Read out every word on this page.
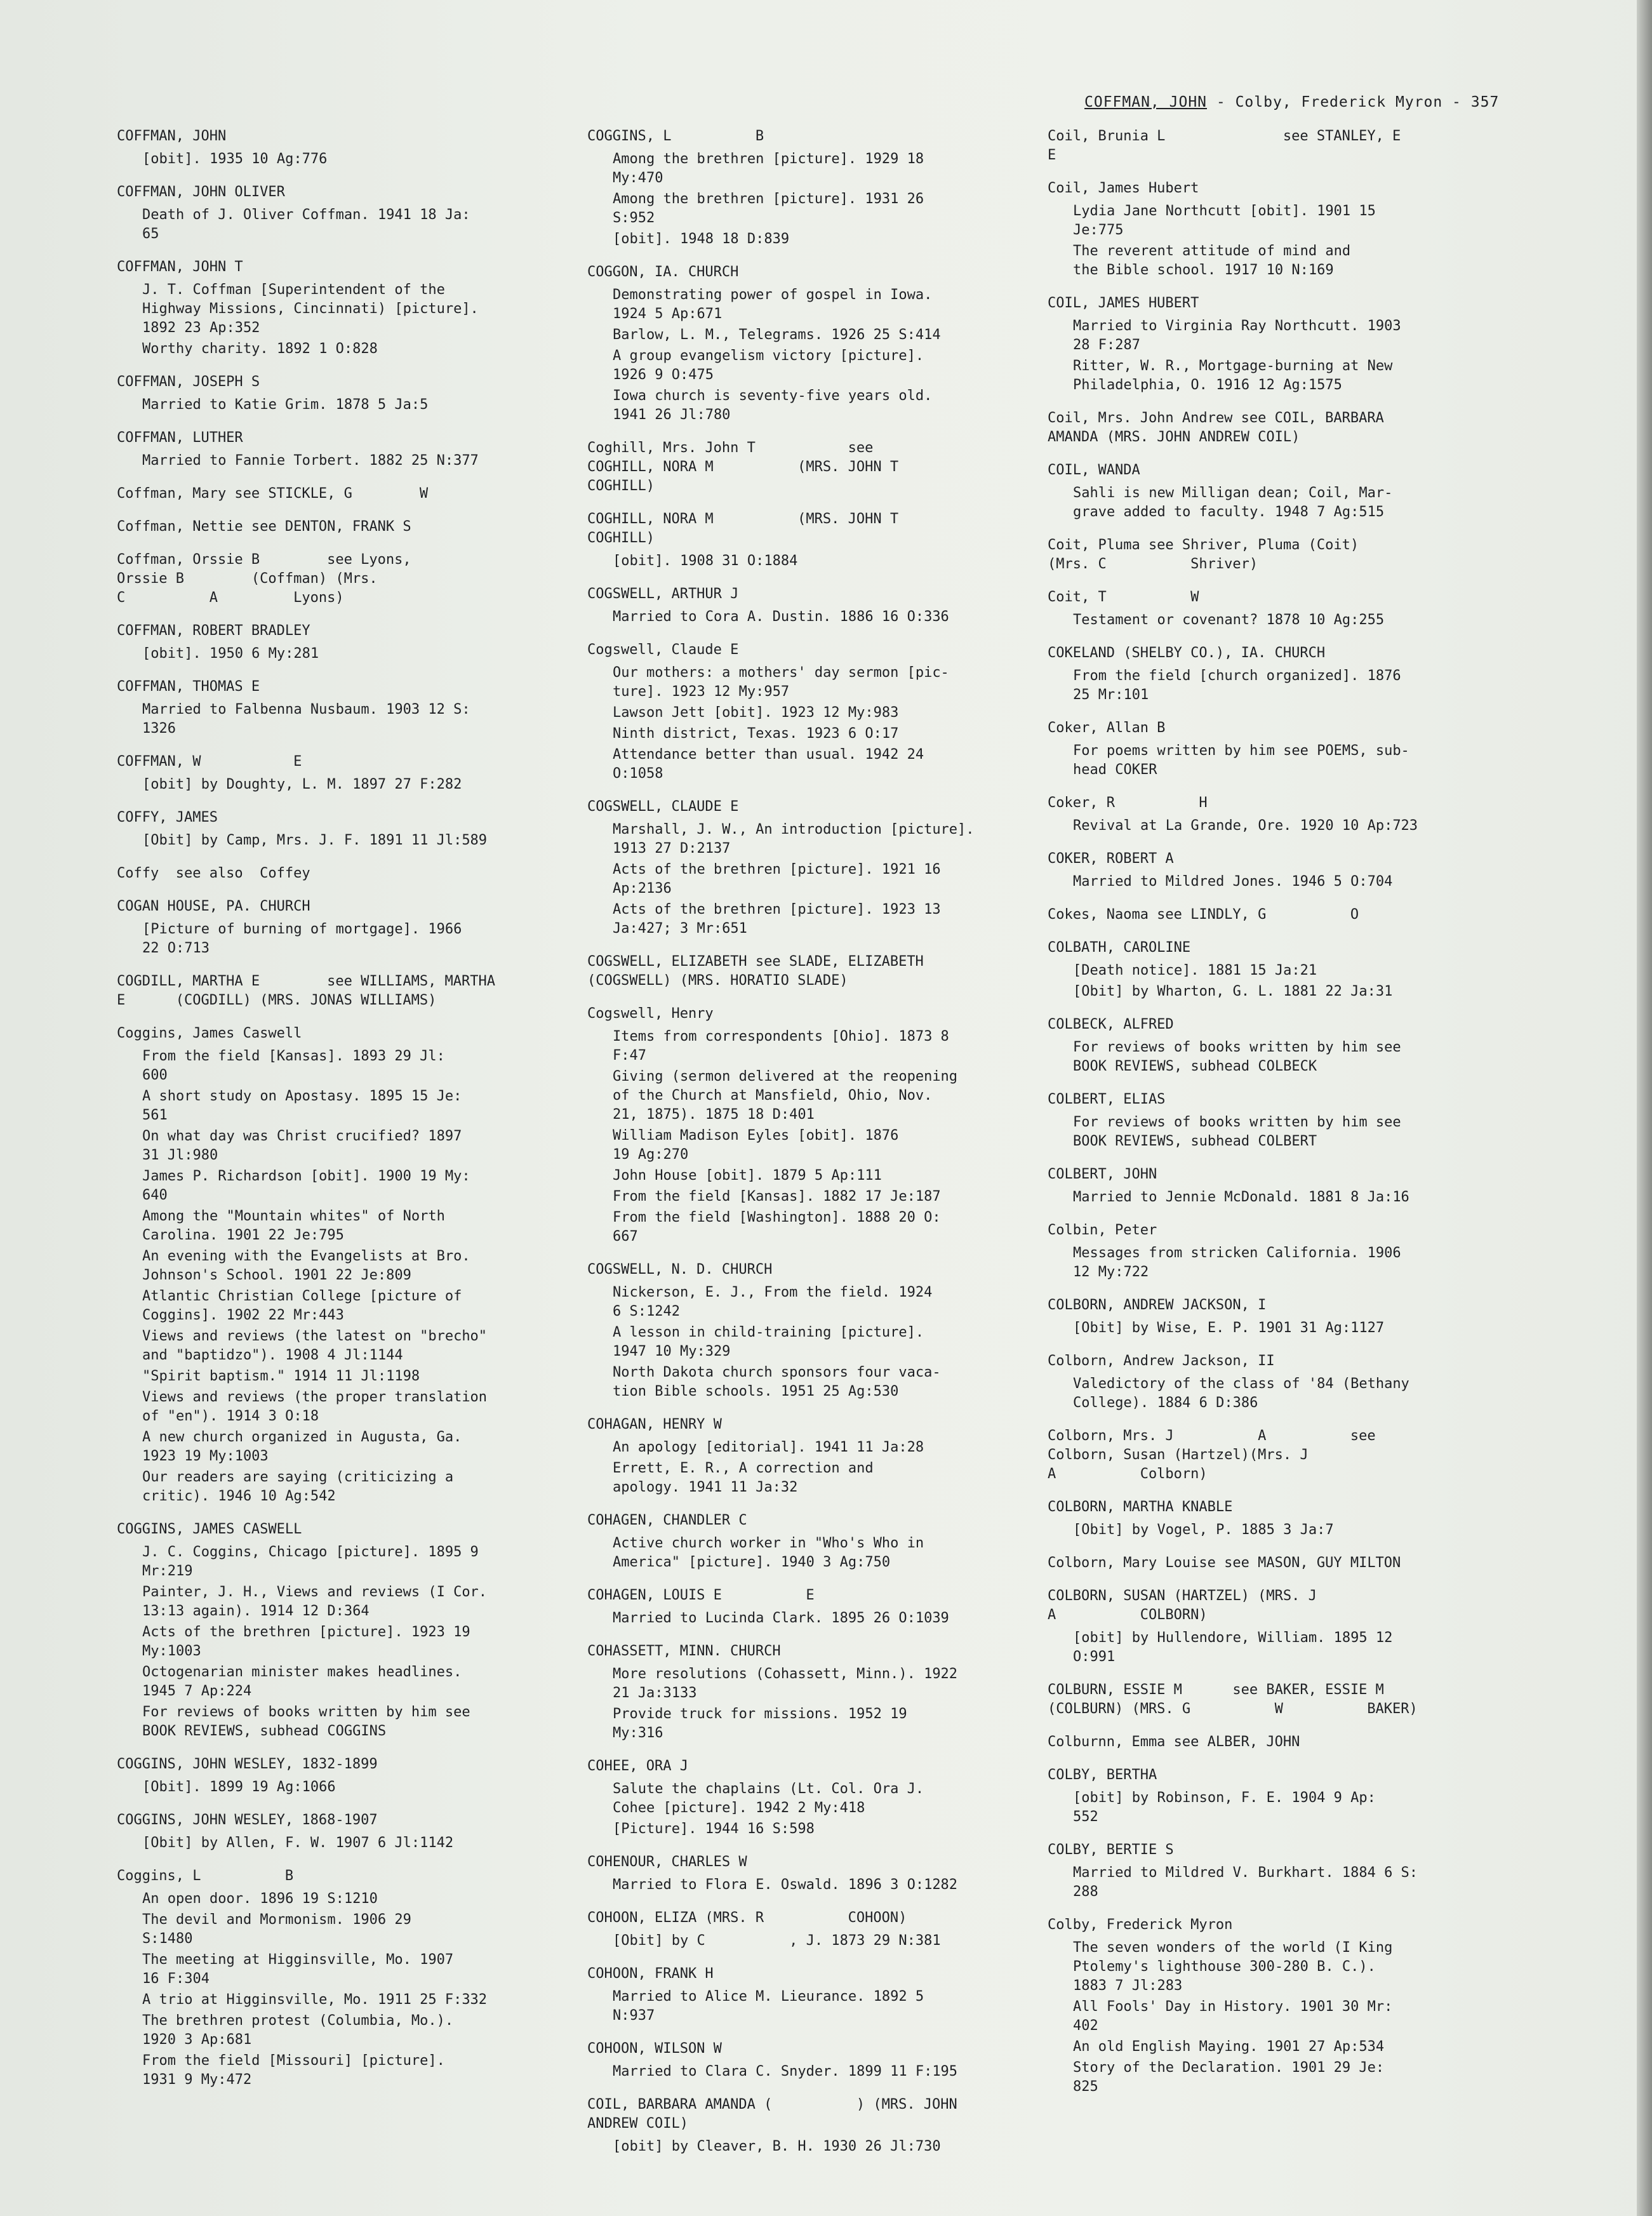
COFFMAN, JOHN - Colby, Frederick Myron - 357
COFFMAN, JOHN
[obit]. 1935 10 Ag:776
COFFMAN, JOHN OLIVER
Death of J. Oliver Coffman. 1941 18 Ja:
65
COFFMAN, JOHN T
J. T. Coffman [Superintendent of the
Highway Missions, Cincinnati) [picture].
1892 23 Ap:352
Worthy charity. 1892 1 O:828
COFFMAN, JOSEPH S
Married to Katie Grim. 1878 5 Ja:5
COFFMAN, LUTHER
Married to Fannie Torbert. 1882 25 N:377
Coffman, Mary see STICKLE, G        W
Coffman, Nettie see DENTON, FRANK S
Coffman, Orssie B        see Lyons,
Orssie B        (Coffman) (Mrs.
C          A         Lyons)
COFFMAN, ROBERT BRADLEY
[obit]. 1950 6 My:281
COFFMAN, THOMAS E
Married to Falbenna Nusbaum. 1903 12 S:
1326
COFFMAN, W           E
[obit] by Doughty, L. M. 1897 27 F:282
COFFY, JAMES
[Obit] by Camp, Mrs. J. F. 1891 11 Jl:589
Coffy  see also  Coffey
COGAN HOUSE, PA. CHURCH
[Picture of burning of mortgage]. 1966
22 O:713
COGDILL, MARTHA E        see WILLIAMS, MARTHA
E      (COGDILL) (MRS. JONAS WILLIAMS)
Coggins, James Caswell
From the field [Kansas]. 1893 29 Jl:
600
A short study on Apostasy. 1895 15 Je:
561
On what day was Christ crucified? 1897
31 Jl:980
James P. Richardson [obit]. 1900 19 My:
640
Among the "Mountain whites" of North
Carolina. 1901 22 Je:795
An evening with the Evangelists at Bro.
Johnson's School. 1901 22 Je:809
Atlantic Christian College [picture of
Coggins]. 1902 22 Mr:443
Views and reviews (the latest on "brecho"
and "baptidzo"). 1908 4 Jl:1144
"Spirit baptism." 1914 11 Jl:1198
Views and reviews (the proper translation
of "en"). 1914 3 O:18
A new church organized in Augusta, Ga.
1923 19 My:1003
Our readers are saying (criticizing a
critic). 1946 10 Ag:542
COGGINS, JAMES CASWELL
J. C. Coggins, Chicago [picture]. 1895 9
Mr:219
Painter, J. H., Views and reviews (I Cor.
13:13 again). 1914 12 D:364
Acts of the brethren [picture]. 1923 19
My:1003
Octogenarian minister makes headlines.
1945 7 Ap:224
For reviews of books written by him see
BOOK REVIEWS, subhead COGGINS
COGGINS, JOHN WESLEY, 1832-1899
[Obit]. 1899 19 Ag:1066
COGGINS, JOHN WESLEY, 1868-1907
[Obit] by Allen, F. W. 1907 6 Jl:1142
Coggins, L          B
An open door. 1896 19 S:1210
The devil and Mormonism. 1906 29
S:1480
The meeting at Higginsville, Mo. 1907
16 F:304
A trio at Higginsville, Mo. 1911 25 F:332
The brethren protest (Columbia, Mo.).
1920 3 Ap:681
From the field [Missouri] [picture].
1931 9 My:472
COGGINS, L          B
Among the brethren [picture]. 1929 18
My:470
Among the brethren [picture]. 1931 26
S:952
[obit]. 1948 18 D:839
COGGON, IA. CHURCH
Demonstrating power of gospel in Iowa.
1924 5 Ap:671
Barlow, L. M., Telegrams. 1926 25 S:414
A group evangelism victory [picture].
1926 9 O:475
Iowa church is seventy-five years old.
1941 26 Jl:780
Coghill, Mrs. John T           see
COGHILL, NORA M          (MRS. JOHN T
COGHILL)
COGHILL, NORA M          (MRS. JOHN T
COGHILL)
[obit]. 1908 31 O:1884
COGSWELL, ARTHUR J
Married to Cora A. Dustin. 1886 16 O:336
Cogswell, Claude E
Our mothers: a mothers' day sermon [pic-
ture]. 1923 12 My:957
Lawson Jett [obit]. 1923 12 My:983
Ninth district, Texas. 1923 6 O:17
Attendance better than usual. 1942 24
O:1058
COGSWELL, CLAUDE E
Marshall, J. W., An introduction [picture].
1913 27 D:2137
Acts of the brethren [picture]. 1921 16
Ap:2136
Acts of the brethren [picture]. 1923 13
Ja:427; 3 Mr:651
COGSWELL, ELIZABETH see SLADE, ELIZABETH
(COGSWELL) (MRS. HORATIO SLADE)
Cogswell, Henry
Items from correspondents [Ohio]. 1873 8
F:47
Giving (sermon delivered at the reopening
of the Church at Mansfield, Ohio, Nov.
21, 1875). 1875 18 D:401
William Madison Eyles [obit]. 1876
19 Ag:270
John House [obit]. 1879 5 Ap:111
From the field [Kansas]. 1882 17 Je:187
From the field [Washington]. 1888 20 O:
667
COGSWELL, N. D. CHURCH
Nickerson, E. J., From the field. 1924
6 S:1242
A lesson in child-training [picture].
1947 10 My:329
North Dakota church sponsors four vaca-
tion Bible schools. 1951 25 Ag:530
COHAGAN, HENRY W
An apology [editorial]. 1941 11 Ja:28
Errett, E. R., A correction and
apology. 1941 11 Ja:32
COHAGEN, CHANDLER C
Active church worker in "Who's Who in
America" [picture]. 1940 3 Ag:750
COHAGEN, LOUIS E          E
Married to Lucinda Clark. 1895 26 O:1039
COHASSETT, MINN. CHURCH
More resolutions (Cohassett, Minn.). 1922
21 Ja:3133
Provide truck for missions. 1952 19
My:316
COHEE, ORA J
Salute the chaplains (Lt. Col. Ora J.
Cohee [picture]. 1942 2 My:418
[Picture]. 1944 16 S:598
COHENOUR, CHARLES W
Married to Flora E. Oswald. 1896 3 O:1282
COHOON, ELIZA (MRS. R          COHOON)
[Obit] by C          , J. 1873 29 N:381
COHOON, FRANK H
Married to Alice M. Lieurance. 1892 5
N:937
COHOON, WILSON W
Married to Clara C. Snyder. 1899 11 F:195
COIL, BARBARA AMANDA (          ) (MRS. JOHN
ANDREW COIL)
[obit] by Cleaver, B. H. 1930 26 Jl:730
Coil, Brunia L              see STANLEY, E
E
Coil, James Hubert
Lydia Jane Northcutt [obit]. 1901 15
Je:775
The reverent attitude of mind and
the Bible school. 1917 10 N:169
COIL, JAMES HUBERT
Married to Virginia Ray Northcutt. 1903
28 F:287
Ritter, W. R., Mortgage-burning at New
Philadelphia, O. 1916 12 Ag:1575
Coil, Mrs. John Andrew see COIL, BARBARA
AMANDA (MRS. JOHN ANDREW COIL)
COIL, WANDA
Sahli is new Milligan dean; Coil, Mar-
grave added to faculty. 1948 7 Ag:515
Coit, Pluma see Shriver, Pluma (Coit)
(Mrs. C          Shriver)
Coit, T          W
Testament or covenant? 1878 10 Ag:255
COKELAND (SHELBY CO.), IA. CHURCH
From the field [church organized]. 1876
25 Mr:101
Coker, Allan B
For poems written by him see POEMS, sub-
head COKER
Coker, R          H
Revival at La Grande, Ore. 1920 10 Ap:723
COKER, ROBERT A
Married to Mildred Jones. 1946 5 O:704
Cokes, Naoma see LINDLY, G          O
COLBATH, CAROLINE
[Death notice]. 1881 15 Ja:21
[Obit] by Wharton, G. L. 1881 22 Ja:31
COLBECK, ALFRED
For reviews of books written by him see
BOOK REVIEWS, subhead COLBECK
COLBERT, ELIAS
For reviews of books written by him see
BOOK REVIEWS, subhead COLBERT
COLBERT, JOHN
Married to Jennie McDonald. 1881 8 Ja:16
Colbin, Peter
Messages from stricken California. 1906
12 My:722
COLBORN, ANDREW JACKSON, I
[Obit] by Wise, E. P. 1901 31 Ag:1127
Colborn, Andrew Jackson, II
Valedictory of the class of '84 (Bethany
College). 1884 6 D:386
Colborn, Mrs. J          A          see
Colborn, Susan (Hartzel)(Mrs. J
A          Colborn)
COLBORN, MARTHA KNABLE
[Obit] by Vogel, P. 1885 3 Ja:7
Colborn, Mary Louise see MASON, GUY MILTON
COLBORN, SUSAN (HARTZEL) (MRS. J
A          COLBORN)
[obit] by Hullendore, William. 1895 12
O:991
COLBURN, ESSIE M      see BAKER, ESSIE M
(COLBURN) (MRS. G          W          BAKER)
Colburnn, Emma see ALBER, JOHN
COLBY, BERTHA
[obit] by Robinson, F. E. 1904 9 Ap:
552
COLBY, BERTIE S
Married to Mildred V. Burkhart. 1884 6 S:
288
Colby, Frederick Myron
The seven wonders of the world (I King
Ptolemy's lighthouse 300-280 B. C.).
1883 7 Jl:283
All Fools' Day in History. 1901 30 Mr:
402
An old English Maying. 1901 27 Ap:534
Story of the Declaration. 1901 29 Je:
825
